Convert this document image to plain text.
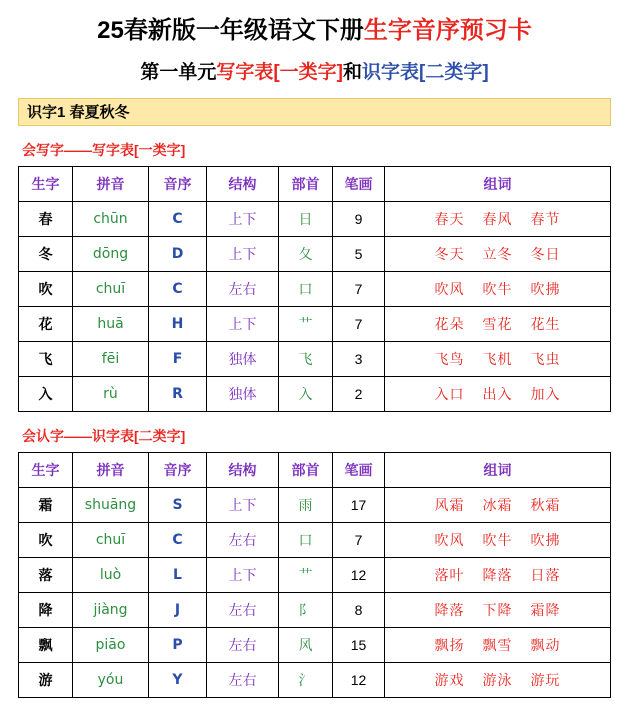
25春新版一年级语文下册生字音序预习卡
第一单元写字表[一类字]和识字表[二类字]
识字1 春夏秋冬
会写字——写字表[一类字]
生字	拼音	音序	结构	部首	笔画	组词
春	chūn	C	上下	日	9	春天 春风 春节
冬	dōng	D	上下	夂	5	冬天 立冬 冬日
吹	chuī	C	左右	口	7	吹风 吹牛 吹拂
花	huā	H	上下	艹	7	花朵 雪花 花生
飞	fēi	F	独体	飞	3	飞鸟 飞机 飞虫
入	rù	R	独体	入	2	入口 出入 加入
会认字——识字表[二类字]
生字	拼音	音序	结构	部首	笔画	组词
霜	shuāng	S	上下	雨	17	风霜 冰霜 秋霜
吹	chuī	C	左右	口	7	吹风 吹牛 吹拂
落	luò	L	上下	艹	12	落叶 降落 日落
降	jiàng	J	左右	阝	8	降落 下降 霜降
飘	piāo	P	左右	风	15	飘扬 飘雪 飘动
游	yóu	Y	左右	氵	12	游戏 游泳 游玩
